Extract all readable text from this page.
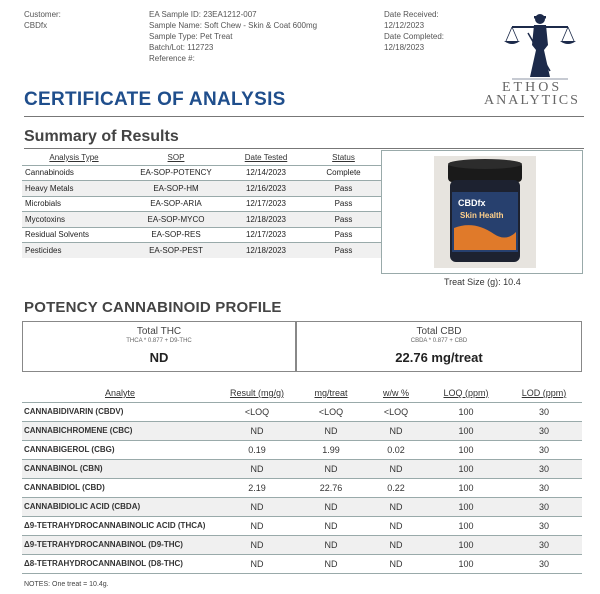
Customer:
CBDfx
EA Sample ID: 23EA1212-007
Sample Name: Soft Chew - Skin & Coat 600mg
Sample Type: Pet Treat
Batch/Lot: 112723
Reference #:
Date Received:
12/12/2023
Date Completed:
12/18/2023
ETHOS
ANALYTICS
CERTIFICATE OF ANALYSIS
Summary of Results
Analysis Type	SOP	Date Tested	Status
Cannabinoids	EA-SOP-POTENCY	12/14/2023	Complete
Heavy Metals	EA-SOP-HM	12/16/2023	Pass
Microbials	EA-SOP-ARIA	12/17/2023	Pass
Mycotoxins	EA-SOP-MYCO	12/18/2023	Pass
Residual Solvents	EA-SOP-RES	12/17/2023	Pass
Pesticides	EA-SOP-PEST	12/18/2023	Pass
CBDfx
Skin Health
Treat Size (g): 10.4
POTENCY CANNABINOID PROFILE
Total THC
THCA * 0.877 + D9-THC
ND
Total CBD
CBDA * 0.877 + CBD
22.76 mg/treat
Analyte	Result (mg/g)	mg/treat	w/w %	LOQ (ppm)	LOD (ppm)
CANNABIDIVARIN (CBDV)	<LOQ	<LOQ	<LOQ	100	30
CANNABICHROMENE (CBC)	ND	ND	ND	100	30
CANNABIGEROL (CBG)	0.19	1.99	0.02	100	30
CANNABINOL (CBN)	ND	ND	ND	100	30
CANNABIDIOL (CBD)	2.19	22.76	0.22	100	30
CANNABIDIOLIC ACID (CBDA)	ND	ND	ND	100	30
Δ9-TETRAHYDROCANNABINOLIC ACID (THCA)	ND	ND	ND	100	30
Δ9-TETRAHYDROCANNABINOL (D9-THC)	ND	ND	ND	100	30
Δ8-TETRAHYDROCANNABINOL (D8-THC)	ND	ND	ND	100	30
NOTES: One treat = 10.4g.
